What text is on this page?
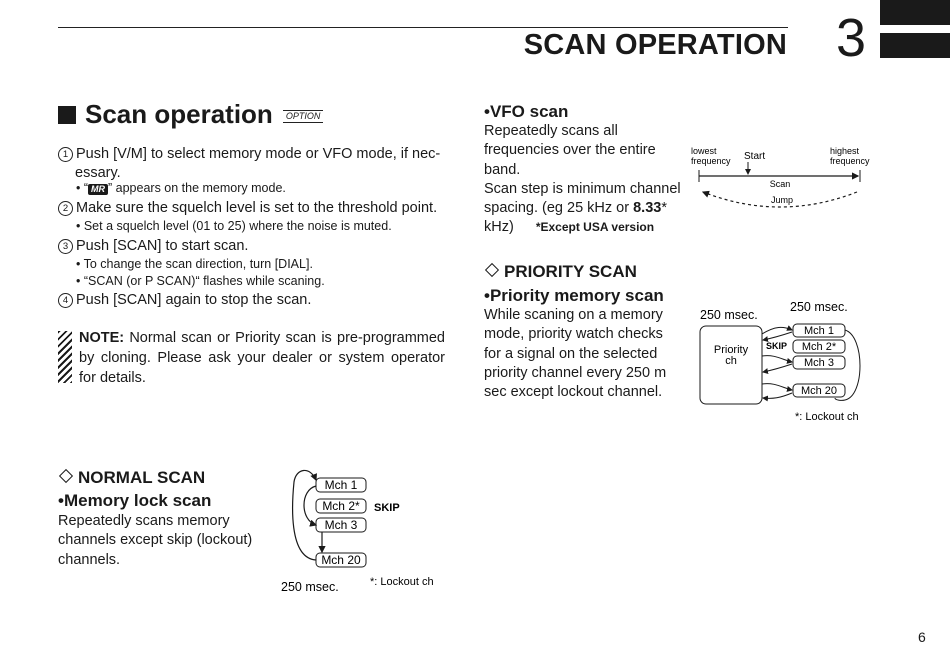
SCAN OPERATION 3
Scan operation	OPTION
1 Push [V/M] to select memory mode or VFO mode, if nec-
essary.
• “ MR ” appears on the memory mode.
2 Make sure the squelch level is set to the threshold point.
• Set a squelch level (01 to 25) where the noise is muted.
3 Push [SCAN] to start scan.
• To change the scan direction, turn [DIAL].
• “SCAN (or P SCAN)“ flashes while scaning.
4 Push [SCAN] again to stop the scan.
NOTE: Normal scan or Priority scan is pre-programmed by cloning. Please ask your dealer or system operator for details.
NORMAL SCAN
•Memory lock scan
Repeatedly scans memory
channels except skip (lockout)
channels.
Mch 1
Mch 2*
Mch 3
Mch 20
SKIP
*: Lockout ch
250 msec.
•VFO scan
Repeatedly scans all
frequencies over the entire
band.
Scan step is minimum channel
spacing. (eg 25 kHz or 8.33*
kHz) *Except USA version
lowest
frequency Start	highest
frequency
Scan
Jump
PRIORITY SCAN
•Priority memory scan
While scaning on a memory
mode, priority watch checks
for a signal on the selected
priority channel every 250 m
sec except lockout channel.
250 msec.
250 msec.
Priority
ch
Mch 1
Mch 2*
Mch 3
Mch 20
SKIP
*: Lockout ch
6
